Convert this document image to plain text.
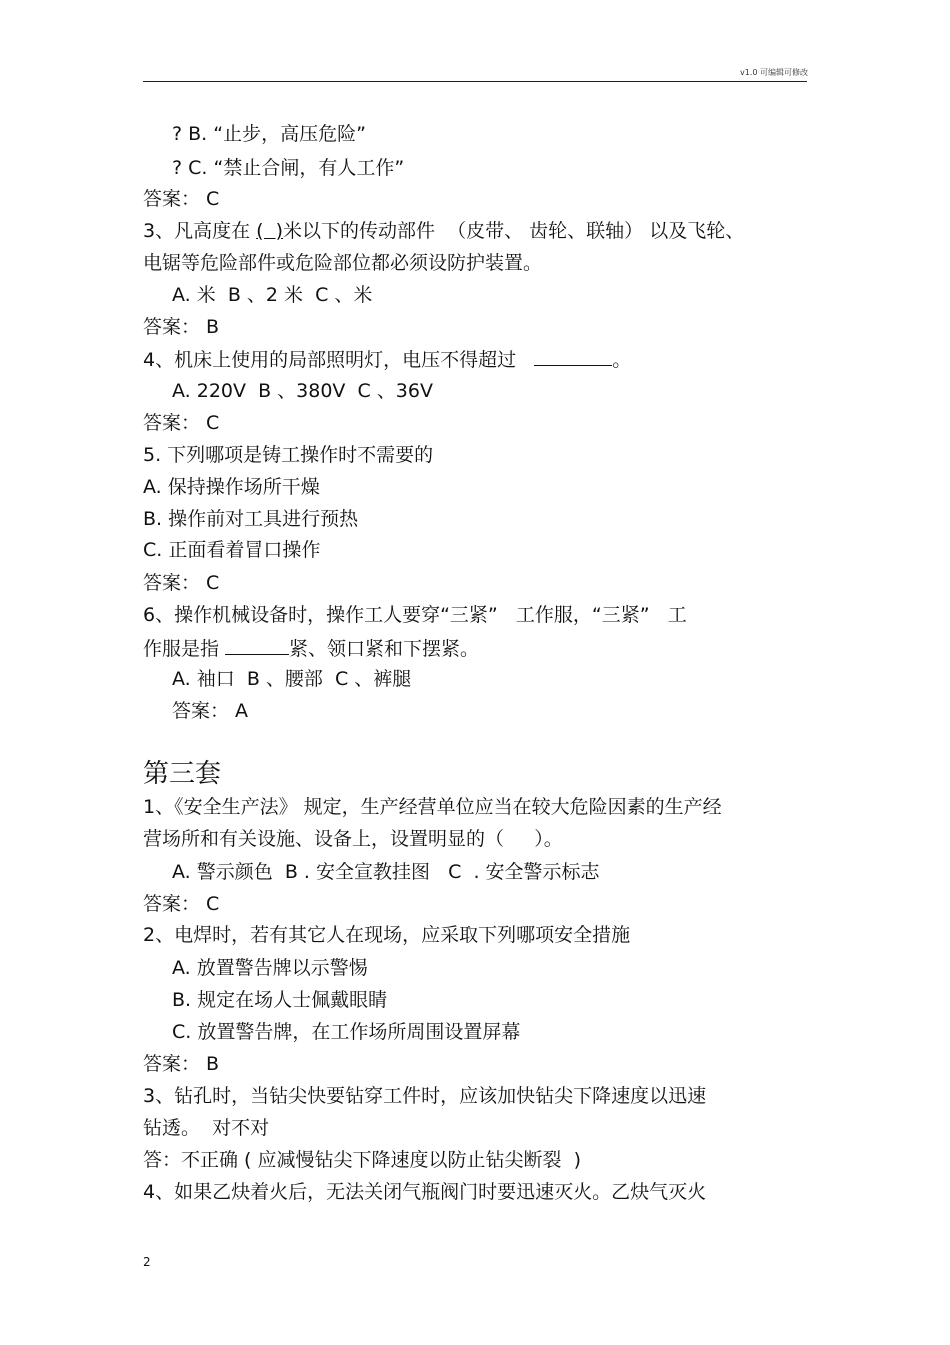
v1.0 可编辑可修改
? B. “止步，高压危险”
? C. “禁止合闸，有人工作”
答案： C
3、凡高度在 (  )米以下的传动部件  （皮带、 齿轮、联轴） 以及飞轮、
电锯等危险部件或危险部位都必须设防护装置。
A. 米  B 、2 米  C 、米
答案： B
4、机床上使用的局部照明灯，电压不得超过	。
A. 220V  B 、380V  C 、36V
答案： C
5. 下列哪项是铸工操作时不需要的
A. 保持操作场所干燥
B. 操作前对工具进行预热
C. 正面看着冒口操作
答案： C
6、操作机械设备时，操作工人要穿“三紧”   工作服，“三紧”   工
作服是指	紧、领口紧和下摆紧。
A. 袖口  B 、腰部  C 、裤腿
答案： A
第三套
1、《安全生产法》 规定，生产经营单位应当在较大危险因素的生产经
营场所和有关设施、设备上，设置明显的（     ）。
A. 警示颜色  B . 安全宣教挂图   C  . 安全警示标志
答案： C
2、电焊时，若有其它人在现场，应采取下列哪项安全措施
A. 放置警告牌以示警惕
B. 规定在场人士佩戴眼睛
C. 放置警告牌，在工作场所周围设置屏幕
答案： B
3、钻孔时，当钻尖快要钻穿工件时，应该加快钻尖下降速度以迅速
钻透。  对不对
答：不正确 ( 应减慢钻尖下降速度以防止钻尖断裂  )
4、如果乙炔着火后，无法关闭气瓶阀门时要迅速灭火。乙炔气灭火
2
